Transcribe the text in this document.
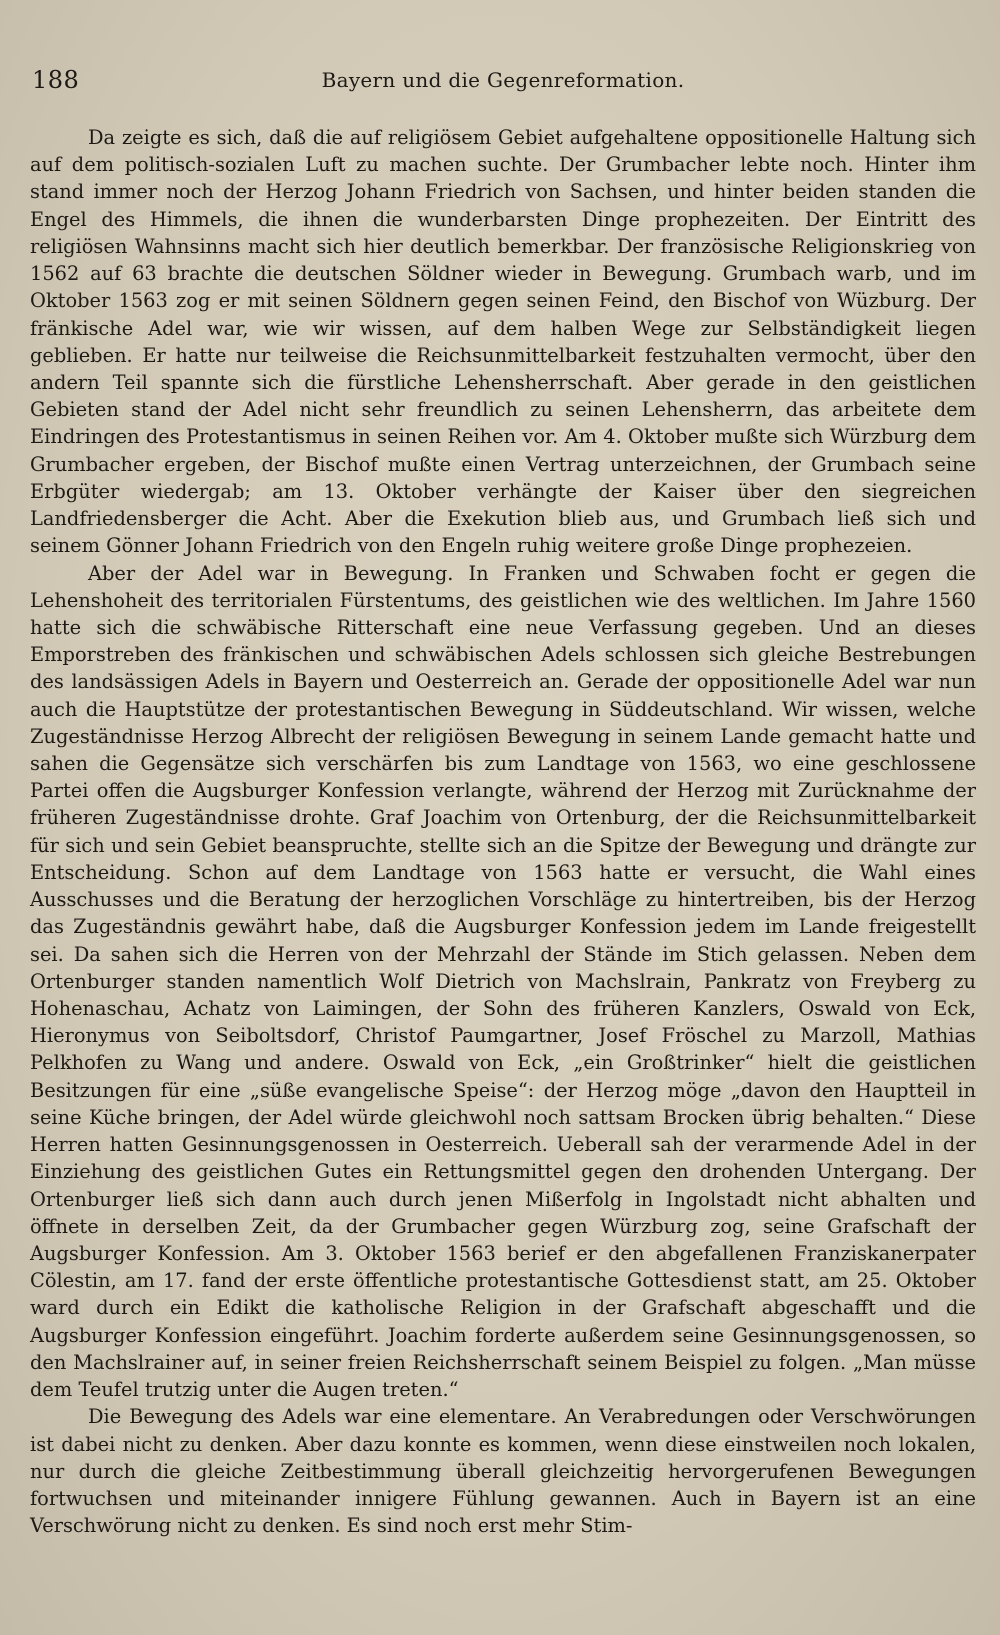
188	Bayern und die Gegenreformation.

Da zeigte es sich, daß die auf religiösem Gebiet aufgehaltene oppositionelle Haltung sich auf dem politisch-sozialen Luft zu machen suchte. Der Grumbacher lebte noch. Hinter ihm stand immer noch der Herzog Johann Friedrich von Sachsen, und hinter beiden standen die Engel des Himmels, die ihnen die wunderbarsten Dinge prophezeiten. Der Eintritt des religiösen Wahnsinns macht sich hier deutlich bemerkbar. Der französische Religionskrieg von 1562 auf 63 brachte die deutschen Söldner wieder in Bewegung. Grumbach warb, und im Oktober 1563 zog er mit seinen Söldnern gegen seinen Feind, den Bischof von Wüzburg. Der fränkische Adel war, wie wir wissen, auf dem halben Wege zur Selbständigkeit liegen geblieben. Er hatte nur teilweise die Reichsunmittelbarkeit festzuhalten vermocht, über den andern Teil spannte sich die fürstliche Lehensherrschaft. Aber gerade in den geistlichen Gebieten stand der Adel nicht sehr freundlich zu seinen Lehensherrn, das arbeitete dem Eindringen des Protestantismus in seinen Reihen vor. Am 4. Oktober mußte sich Würzburg dem Grumbacher ergeben, der Bischof mußte einen Vertrag unterzeichnen, der Grumbach seine Erbgüter wiedergab; am 13. Oktober verhängte der Kaiser über den siegreichen Landfriedensberger die Acht. Aber die Exekution blieb aus, und Grumbach ließ sich und seinem Gönner Johann Friedrich von den Engeln ruhig weitere große Dinge prophezeien.

Aber der Adel war in Bewegung. In Franken und Schwaben focht er gegen die Lehenshoheit des territorialen Fürstentums, des geistlichen wie des weltlichen. Im Jahre 1560 hatte sich die schwäbische Ritterschaft eine neue Verfassung gegeben. Und an dieses Emporstreben des fränkischen und schwäbischen Adels schlossen sich gleiche Bestrebungen des landsässigen Adels in Bayern und Oesterreich an. Gerade der oppositionelle Adel war nun auch die Hauptstütze der protestantischen Bewegung in Süddeutschland. Wir wissen, welche Zugeständnisse Herzog Albrecht der religiösen Bewegung in seinem Lande gemacht hatte und sahen die Gegensätze sich verschärfen bis zum Landtage von 1563, wo eine geschlossene Partei offen die Augsburger Konfession verlangte, während der Herzog mit Zurücknahme der früheren Zugeständnisse drohte. Graf Joachim von Ortenburg, der die Reichsunmittelbarkeit für sich und sein Gebiet beanspruchte, stellte sich an die Spitze der Bewegung und drängte zur Entscheidung. Schon auf dem Landtage von 1563 hatte er versucht, die Wahl eines Ausschusses und die Beratung der herzoglichen Vorschläge zu hintertreiben, bis der Herzog das Zugeständnis gewährt habe, daß die Augsburger Konfession jedem im Lande freigestellt sei. Da sahen sich die Herren von der Mehrzahl der Stände im Stich gelassen. Neben dem Ortenburger standen namentlich Wolf Dietrich von Machslrain, Pankratz von Freyberg zu Hohenaschau, Achatz von Laimingen, der Sohn des früheren Kanzlers, Oswald von Eck, Hieronymus von Seiboltsdorf, Christof Paumgartner, Josef Fröschel zu Marzoll, Mathias Pelkhofen zu Wang und andere. Oswald von Eck, „ein Großtrinker“ hielt die geistlichen Besitzungen für eine „süße evangelische Speise“: der Herzog möge „davon den Hauptteil in seine Küche bringen, der Adel würde gleichwohl noch sattsam Brocken übrig behalten.“ Diese Herren hatten Gesinnungsgenossen in Oesterreich. Ueberall sah der verarmende Adel in der Einziehung des geistlichen Gutes ein Rettungsmittel gegen den drohenden Untergang. Der Ortenburger ließ sich dann auch durch jenen Mißerfolg in Ingolstadt nicht abhalten und öffnete in derselben Zeit, da der Grumbacher gegen Würzburg zog, seine Grafschaft der Augsburger Konfession. Am 3. Oktober 1563 berief er den abgefallenen Franziskanerpater Cölestin, am 17. fand der erste öffentliche protestantische Gottesdienst statt, am 25. Oktober ward durch ein Edikt die katholische Religion in der Grafschaft abgeschafft und die Augsburger Konfession eingeführt. Joachim forderte außerdem seine Gesinnungsgenossen, so den Machslrainer auf, in seiner freien Reichsherrschaft seinem Beispiel zu folgen. „Man müsse dem Teufel trutzig unter die Augen treten.“

Die Bewegung des Adels war eine elementare. An Verabredungen oder Verschwörungen ist dabei nicht zu denken. Aber dazu konnte es kommen, wenn diese einstweilen noch lokalen, nur durch die gleiche Zeitbestimmung überall gleichzeitig hervorgerufenen Bewegungen fortwuchsen und miteinander innigere Fühlung gewannen. Auch in Bayern ist an eine Verschwörung nicht zu denken. Es sind noch erst mehr Stim-
